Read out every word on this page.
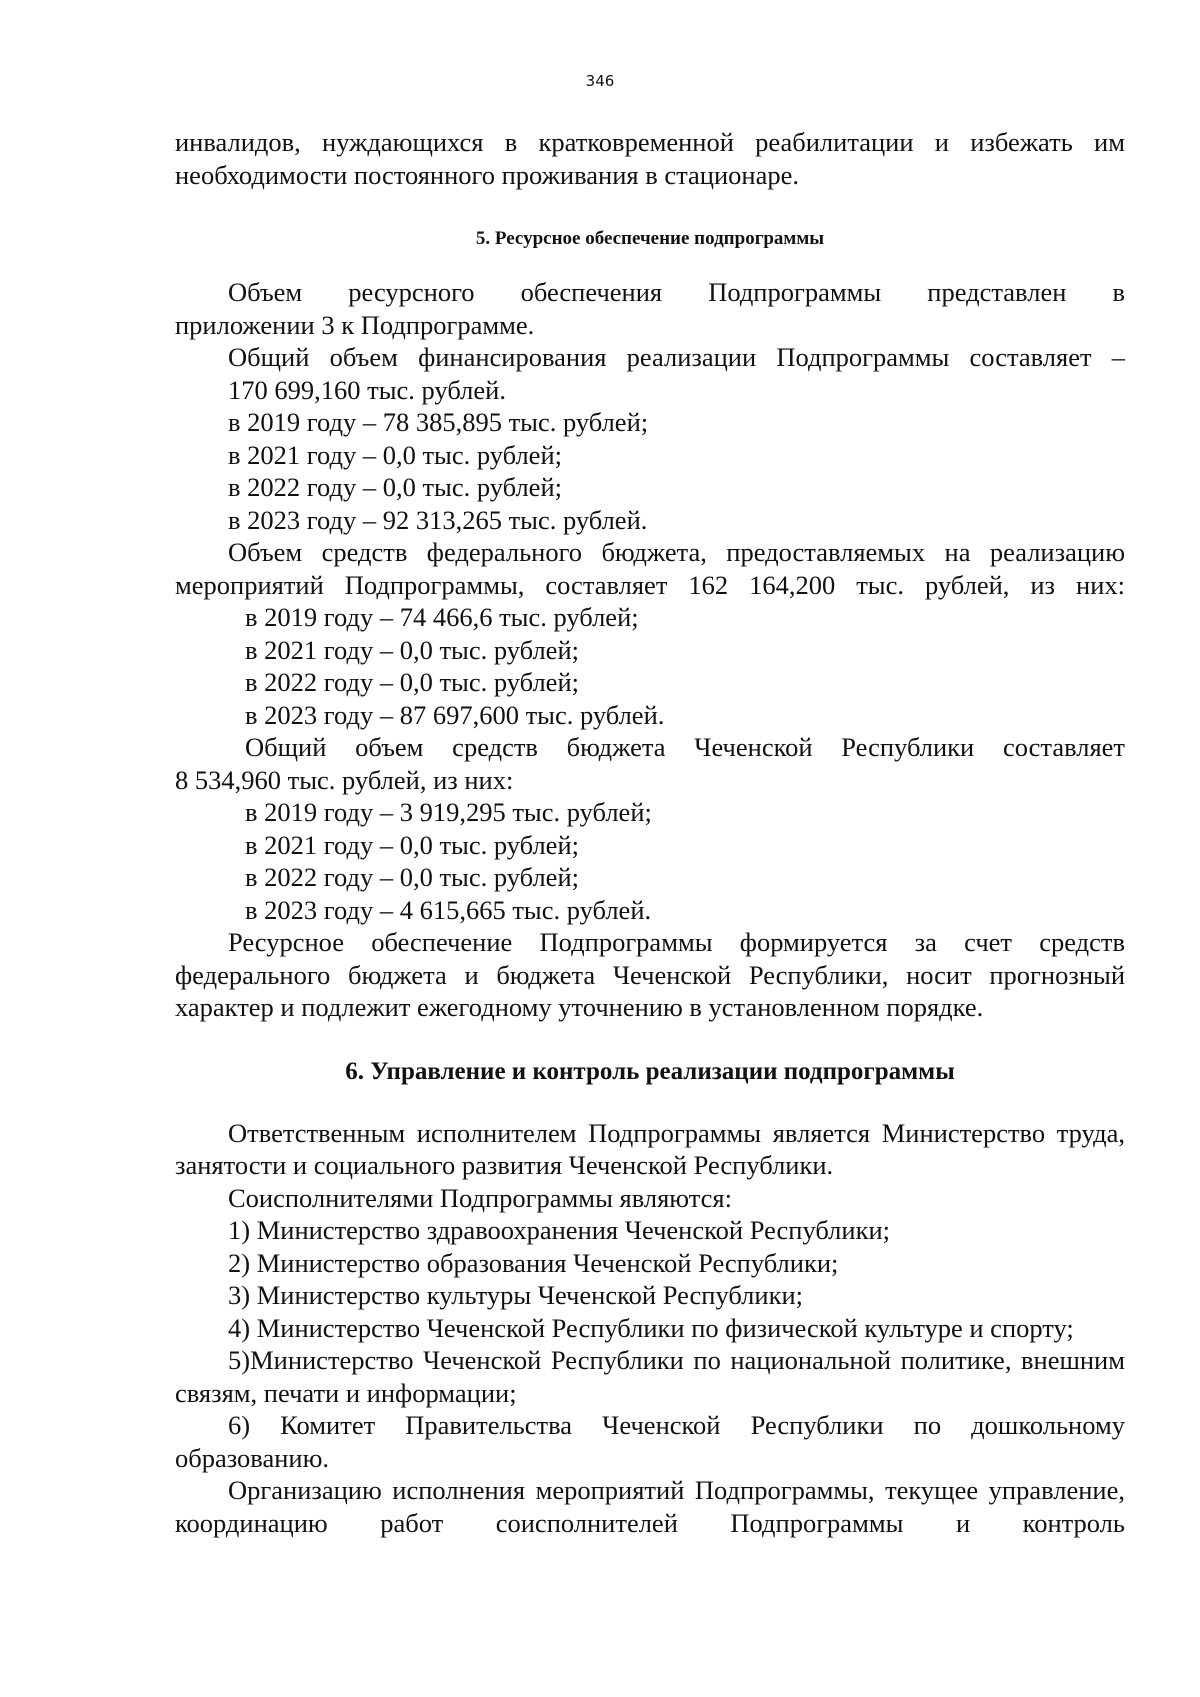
346

инвалидов, нуждающихся в кратковременной реабилитации и избежать им

необходимости постоянного проживания в стационаре.

5. Ресурсное обеспечение подпрограммы

Объем ресурсного обеспечения Подпрограммы представлен в

приложении 3 к Подпрограмме.

Общий объем финансирования реализации Подпрограммы составляет –

170 699,160 тыс. рублей.

в 2019 году – 78 385,895 тыс. рублей;

в 2021 году – 0,0 тыс. рублей;

в 2022 году – 0,0 тыс. рублей;

в 2023 году – 92 313,265 тыс. рублей.

Объем средств федерального бюджета, предоставляемых на реализацию

мероприятий Подпрограммы, составляет 162 164,200 тыс. рублей, из них:

в 2019 году – 74 466,6 тыс. рублей;

в 2021 году – 0,0 тыс. рублей;

в 2022 году – 0,0 тыс. рублей;

в 2023 году – 87 697,600 тыс. рублей.

Общий объем средств бюджета Чеченской Республики составляет

8 534,960 тыс. рублей, из них:

в 2019 году – 3 919,295 тыс. рублей;

в 2021 году – 0,0 тыс. рублей;

в 2022 году – 0,0 тыс. рублей;

в 2023 году – 4 615,665 тыс. рублей.

Ресурсное обеспечение Подпрограммы формируется за счет средств федерального бюджета и бюджета Чеченской Республики, носит прогнозный характер и подлежит ежегодному уточнению в установленном порядке.

6. Управление и контроль реализации подпрограммы

Ответственным исполнителем Подпрограммы является Министерство труда, занятости и социального развития Чеченской Республики.

Соисполнителями Подпрограммы являются:

1) Министерство здравоохранения Чеченской Республики;

2) Министерство образования Чеченской Республики;

3) Министерство культуры Чеченской Республики;

4) Министерство Чеченской Республики по физической культуре и спорту;

5)Министерство Чеченской Республики по национальной политике, внешним связям, печати и информации;

6) Комитет Правительства Чеченской Республики по дошкольному образованию.

Организацию исполнения мероприятий Подпрограммы, текущее управление, координацию работ соисполнителей Подпрограммы и контроль
